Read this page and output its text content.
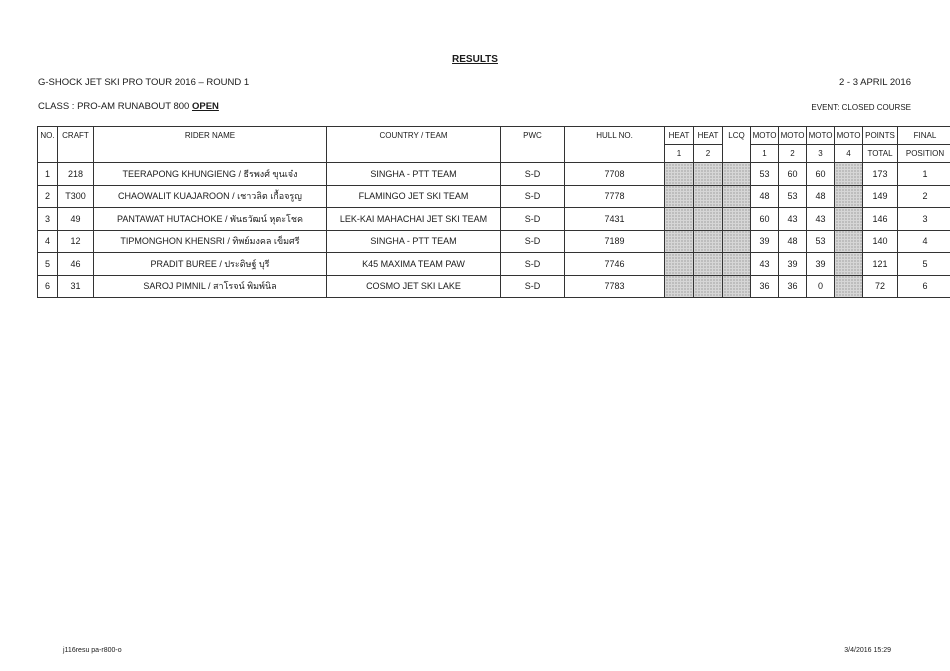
RESULTS
G-SHOCK JET SKI PRO TOUR 2016 – ROUND 1	2 - 3 APRIL 2016
CLASS : PRO-AM RUNABOUT 800 OPEN	EVENT: CLOSED COURSE
NO.	CRAFT	RIDER NAME	COUNTRY / TEAM	PWC	HULL NO.	HEAT	HEAT	LCQ	MOTO	MOTO	MOTO	MOTO	POINTS	FINAL
						1	2		1	2	3	4	TOTAL	POSITION
1	218	TEERAPONG KHUNGIENG / ธีรพงศ์ ขุนเจ๋ง	SINGHA - PTT TEAM	S-D	7708				53	60	60		173	1
2	T300	CHAOWALIT KUAJAROON / เชาวลิต เกื้อจรูญ	FLAMINGO JET SKI TEAM	S-D	7778				48	53	48		149	2
3	49	PANTAWAT HUTACHOKE / พันธวัฒน์ หุตะโชค	LEK-KAI MAHACHAI JET SKI TEAM	S-D	7431				60	43	43		146	3
4	12	TIPMONGHON KHENSRI / ทิพย์มงคล เข็มศรี	SINGHA - PTT TEAM	S-D	7189				39	48	53		140	4
5	46	PRADIT BUREE / ประดิษฐ์ บุรี	K45 MAXIMA TEAM PAW	S-D	7746				43	39	39		121	5
6	31	SAROJ PIMNIL / สาโรจน์ พิมพ์นิล	COSMO JET SKI LAKE	S-D	7783				36	36	0		72	6
j116resu pa-r800-o	3/4/2016 15:29
